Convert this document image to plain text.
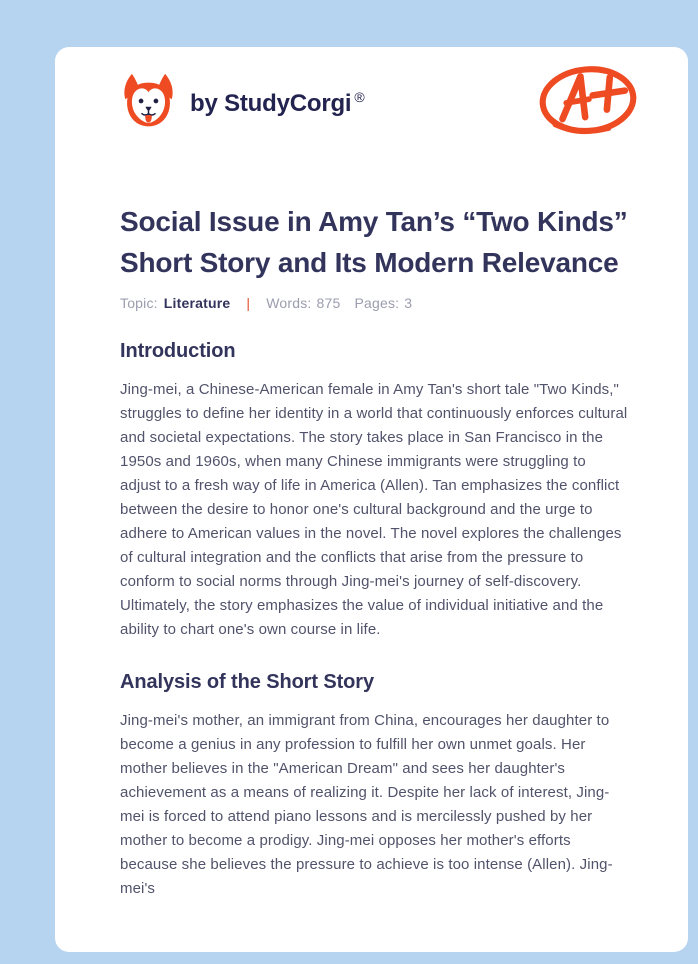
by StudyCorgi ®
Social Issue in Amy Tan’s “Two Kinds” Short Story and Its Modern Relevance
Topic: Literature | Words: 875 Pages: 3
Introduction

Jing-mei, a Chinese-American female in Amy Tan's short tale "Two Kinds," struggles to define her identity in a world that continuously enforces cultural and societal expectations. The story takes place in San Francisco in the 1950s and 1960s, when many Chinese immigrants were struggling to adjust to a fresh way of life in America (Allen). Tan emphasizes the conflict between the desire to honor one's cultural background and the urge to adhere to American values in the novel. The novel explores the challenges of cultural integration and the conflicts that arise from the pressure to conform to social norms through Jing-mei's journey of self-discovery. Ultimately, the story emphasizes the value of individual initiative and the ability to chart one's own course in life.

Analysis of the Short Story

Jing-mei's mother, an immigrant from China, encourages her daughter to become a genius in any profession to fulfill her own unmet goals. Her mother believes in the "American Dream" and sees her daughter's achievement as a means of realizing it. Despite her lack of interest, Jing-mei is forced to attend piano lessons and is mercilessly pushed by her mother to become a prodigy. Jing-mei opposes her mother's efforts because she believes the pressure to achieve is too intense (Allen). Jing-mei's
